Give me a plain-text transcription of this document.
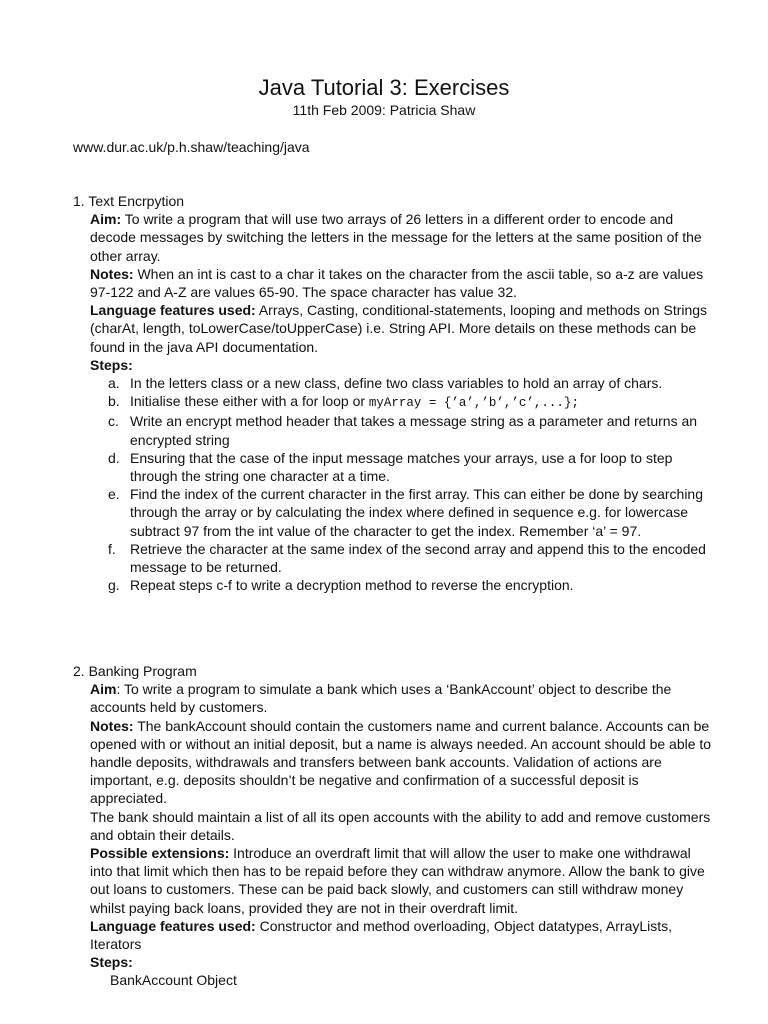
Java Tutorial 3: Exercises
11th Feb 2009: Patricia Shaw
www.dur.ac.uk/p.h.shaw/teaching/java
1. Text Encrpytion

Aim: To write a program that will use two arrays of 26 letters in a different order to encode and decode messages by switching the letters in the message for the letters at the same position of the other array.

Notes: When an int is cast to a char it takes on the character from the ascii table, so a-z are values 97-122 and A-Z are values 65-90. The space character has value 32.

Language features used: Arrays, Casting, conditional-statements, looping and methods on Strings (charAt, length, toLowerCase/toUpperCase) i.e. String API. More details on these methods can be found in the java API documentation.

Steps:

a. In the letters class or a new class, define two class variables to hold an array of chars.
b. Initialise these either with a for loop or myArray = {’a’,’b’,’c’,...};
c. Write an encrypt method header that takes a message string as a parameter and returns an encrypted string
d. Ensuring that the case of the input message matches your arrays, use a for loop to step through the string one character at a time.
e. Find the index of the current character in the first array. This can either be done by searching through the array or by calculating the index where defined in sequence e.g. for lowercase subtract 97 from the int value of the character to get the index. Remember ‘a’ = 97.
f. Retrieve the character at the same index of the second array and append this to the encoded message to be returned.
g. Repeat steps c-f to write a decryption method to reverse the encryption.
2. Banking Program

Aim: To write a program to simulate a bank which uses a ‘BankAccount’ object to describe the accounts held by customers.

Notes: The bankAccount should contain the customers name and current balance. Accounts can be opened with or without an initial deposit, but a name is always needed. An account should be able to handle deposits, withdrawals and transfers between bank accounts. Validation of actions are important, e.g. deposits shouldn’t be negative and confirmation of a successful deposit is appreciated.

The bank should maintain a list of all its open accounts with the ability to add and remove customers and obtain their details.

Possible extensions: Introduce an overdraft limit that will allow the user to make one withdrawal into that limit which then has to be repaid before they can withdraw anymore. Allow the bank to give out loans to customers. These can be paid back slowly, and customers can still withdraw money whilst paying back loans, provided they are not in their overdraft limit.

Language features used: Constructor and method overloading, Object datatypes, ArrayLists, Iterators

Steps:

BankAccount Object
